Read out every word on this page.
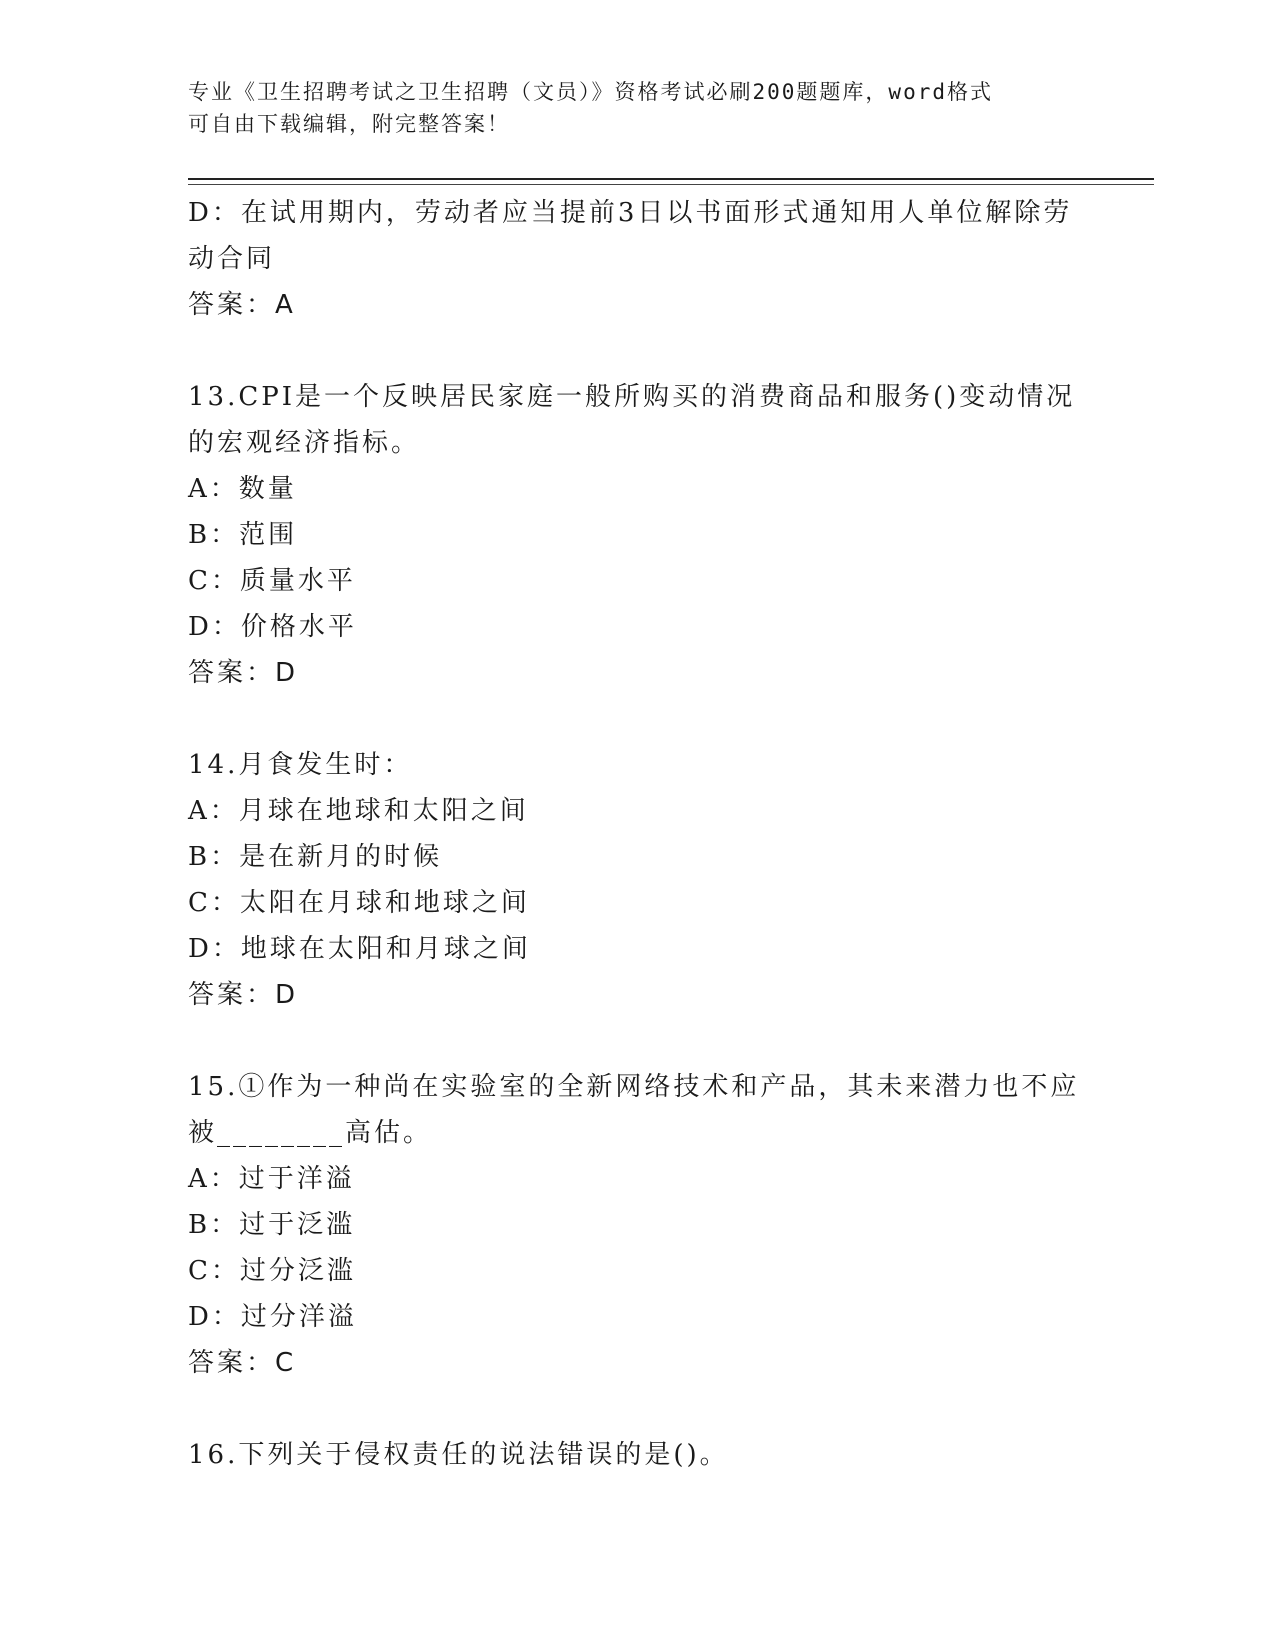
专业《卫生招聘考试之卫生招聘（文员）》资格考试必刷200题题库，word格式
可自由下载编辑，附完整答案！

D：在试用期内，劳动者应当提前3日以书面形式通知用人单位解除劳

动合同

答案：A

13.CPI是一个反映居民家庭一般所购买的消费商品和服务()变动情况

的宏观经济指标。

A：数量

B：范围

C：质量水平

D：价格水平

答案：D

14.月食发生时：

A：月球在地球和太阳之间

B：是在新月的时候

C：太阳在月球和地球之间

D：地球在太阳和月球之间

答案：D

15.①作为一种尚在实验室的全新网络技术和产品，其未来潜力也不应

被________高估。

A：过于洋溢

B：过于泛滥

C：过分泛滥

D：过分洋溢

答案：C

16.下列关于侵权责任的说法错误的是()。
